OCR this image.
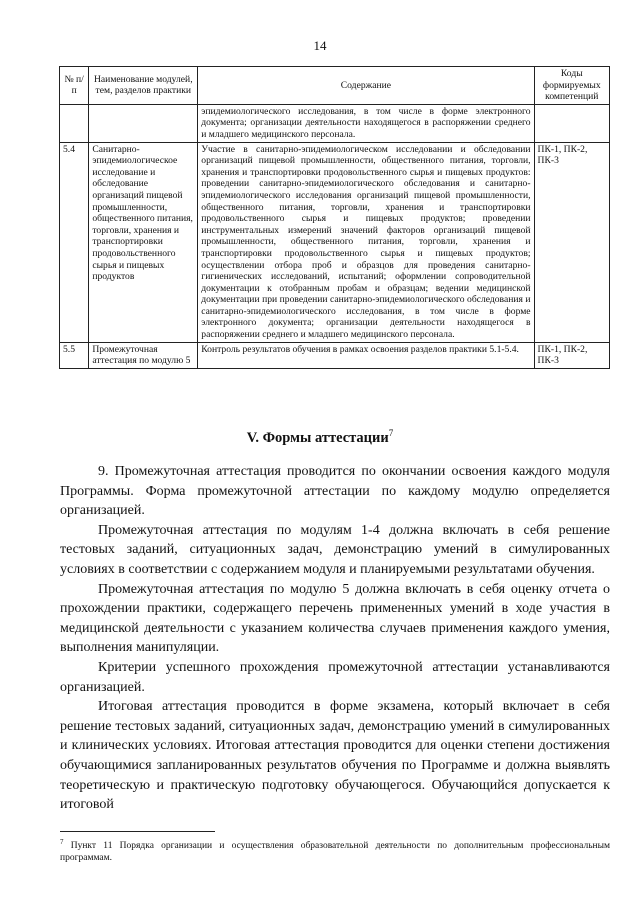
14
№ п/п	Наименование модулей, тем, разделов практики	Содержание	Коды формируемых компетенций
		эпидемиологического исследования, в том числе в форме электронного документа; организации деятельности находящегося в распоряжении среднего и младшего медицинского персонала.	
5.4	Санитарно-эпидемиологическое исследование и обследование организаций пищевой промышленности, общественного питания, торговли, хранения и транспортировки продовольственного сырья и пищевых продуктов	Участие в санитарно-эпидемиологическом исследовании и обследовании организаций пищевой промышленности, общественного питания, торговли, хранения и транспортировки продовольственного сырья и пищевых продуктов: проведении санитарно-эпидемиологического обследования и санитарно-эпидемиологического исследования организаций пищевой промышленности, общественного питания, торговли, хранения и транспортировки продовольственного сырья и пищевых продуктов; проведении инструментальных измерений значений факторов организаций пищевой промышленности, общественного питания, торговли, хранения и транспортировки продовольственного сырья и пищевых продуктов; осуществлении отбора проб и образцов для проведения санитарно-гигиенических исследований, испытаний; оформлении сопроводительной документации к отобранным пробам и образцам; ведении медицинской документации при проведении санитарно-эпидемиологического обследования и санитарно-эпидемиологического исследования, в том числе в форме электронного документа; организации деятельности находящегося в распоряжении среднего и младшего медицинского персонала.	ПК-1, ПК-2, ПК-3
5.5	Промежуточная аттестация по модулю 5	Контроль результатов обучения в рамках освоения разделов практики 5.1-5.4.	ПК-1, ПК-2, ПК-3
V. Формы аттестации$^7$

9. Промежуточная аттестация проводится по окончании освоения каждого модуля Программы. Форма промежуточной аттестации по каждому модулю определяется организацией.

Промежуточная аттестация по модулям 1-4 должна включать в себя решение тестовых заданий, ситуационных задач, демонстрацию умений в симулированных условиях в соответствии с содержанием модуля и планируемыми результатами обучения.

Промежуточная аттестация по модулю 5 должна включать в себя оценку отчета о прохождении практики, содержащего перечень примененных умений в ходе участия в медицинской деятельности с указанием количества случаев применения каждого умения, выполнения манипуляции.

Критерии успешного прохождения промежуточной аттестации устанавливаются организацией.

Итоговая аттестация проводится в форме экзамена, который включает в себя решение тестовых заданий, ситуационных задач, демонстрацию умений в симулированных и клинических условиях. Итоговая аттестация проводится для оценки степени достижения обучающимися запланированных результатов обучения по Программе и должна выявлять теоретическую и практическую подготовку обучающегося. Обучающийся допускается к итоговой

$^7$ Пункт 11 Порядка организации и осуществления образовательной деятельности по дополнительным профессиональным программам.
